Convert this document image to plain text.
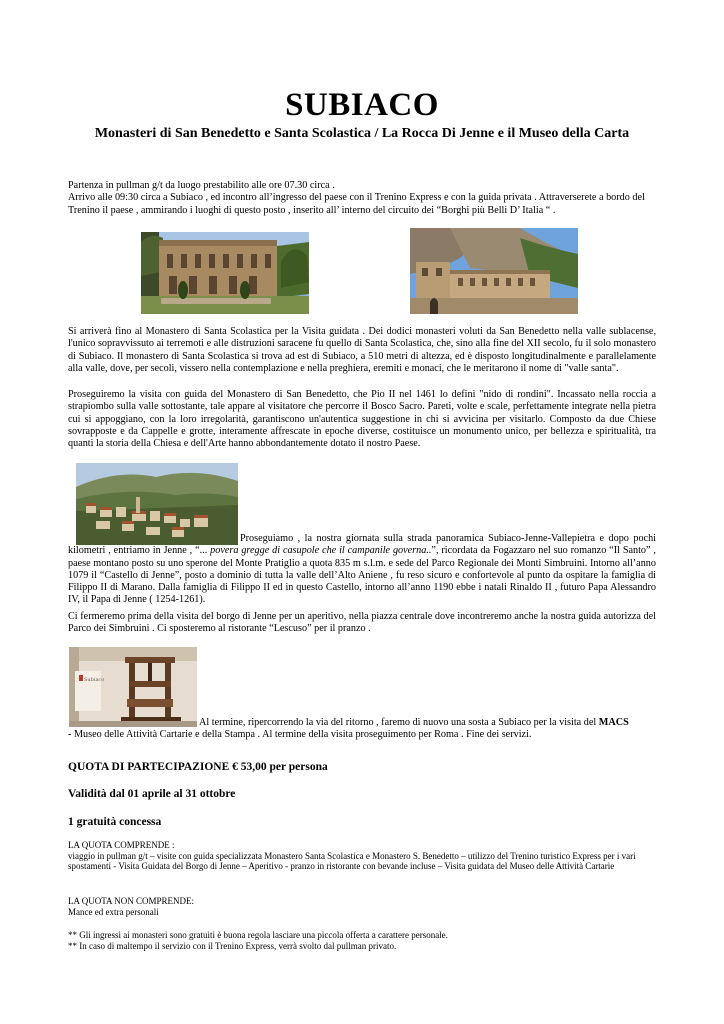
SUBIACO
Monasteri di San Benedetto e Santa Scolastica / La Rocca Di Jenne e il Museo della Carta
Partenza in pullman g/t da luogo prestabilito alle ore 07.30 circa .
Arrivo alle 09:30 circa a Subiaco , ed incontro all’ingresso del paese con il Trenino Express e con la guida privata . Attraverserete a bordo del Trenino il paese , ammirando i luoghi di questo posto , inserito all’ interno del circuito dei “Borghi più Belli D’ Italia “ .

Si arriverà fino al Monastero di Santa Scolastica per la Visita guidata . Dei dodici monasteri voluti da San Benedetto nella valle sublacense, l'unico sopravvissuto ai terremoti e alle distruzioni saracene fu quello di Santa Scolastica, che, sino alla fine del XII secolo, fu il solo monastero di Subiaco. Il monastero di Santa Scolastica si trova ad est di Subiaco, a 510 metri di altezza, ed è disposto longitudinalmente e parallelamente alla valle, dove, per secoli, vissero nella contemplazione e nella preghiera, eremiti e monaci, che le meritarono il nome di "valle santa".

Proseguiremo la visita con guida del Monastero di San Benedetto, che Pio II nel 1461 lo definì "nido di rondini". Incassato nella roccia a strapiombo sulla valle sottostante, tale appare al visitatore che percorre il Bosco Sacro. Pareti, volte e scale, perfettamente integrate nella pietra cui si appoggiano, con la loro irregolarità, garantiscono un'autentica suggestione in chi si avvicina per visitarlo. Composto da due Chiese sovrapposte e da Cappelle e grotte, interamente affrescate in epoche diverse, costituisce un monumento unico, per bellezza e spiritualità, tra quanti la storia della Chiesa e dell'Arte hanno abbondantemente dotato il nostro Paese.

Proseguiamo , la nostra giornata sulla strada panoramica Subiaco-Jenne-Vallepietra e dopo pochi kilometri , entriamo in Jenne , “... povera gregge di casupole che il campanile governa..”, ricordata da Fogazzaro nel suo romanzo “Il Santo” , paese montano posto su uno sperone del Monte Pratiglio a quota 835 m s.l.m. e sede del Parco Regionale dei Monti Simbruini. Intorno all’anno 1079 il “Castello di Jenne”, posto a dominio di tutta la valle dell’Alto Aniene , fu reso sicuro e confortevole al punto da ospitare la famiglia di Filippo II di Marano. Dalla famiglia di Filippo II ed in questo Castello, intorno all’anno 1190 ebbe i natali Rinaldo II , futuro Papa Alessandro IV, il Papa di Jenne ( 1254-1261).

Ci fermeremo prima della visita del borgo di Jenne per un aperitivo, nella piazza centrale dove incontreremo anche la nostra guida autorizza del Parco dei Simbruini . Ci sposteremo al ristorante “Lescuso” per il pranzo .

Subiaco

Al termine, ripercorrendo la via del ritorno , faremo di nuovo una sosta a Subiaco per la visita del MACS
- Museo delle Attività Cartarie e della Stampa . Al termine della visita proseguimento per Roma . Fine dei servizi.

QUOTA DI PARTECIPAZIONE € 53,00 per persona

Validità dal 01 aprile al 31 ottobre

1 gratuità concessa

LA QUOTA COMPRENDE :
viaggio in pullman g/t – visite con guida specializzata Monastero Santa Scolastica e Monastero S. Benedetto – utilizzo del Trenino turistico Express per i vari spostamenti - Visita Guidata del Borgo di Jenne – Aperitivo - pranzo in ristorante con bevande incluse – Visita guidata del Museo delle Attività Cartarie
LA QUOTA NON COMPRENDE:
Mance ed extra personali
** Gli ingressi ai monasteri sono gratuiti è buona regola lasciare una piccola offerta a carattere personale.
** In caso di maltempo il servizio con il Trenino Express, verrà svolto dal pullman privato.
